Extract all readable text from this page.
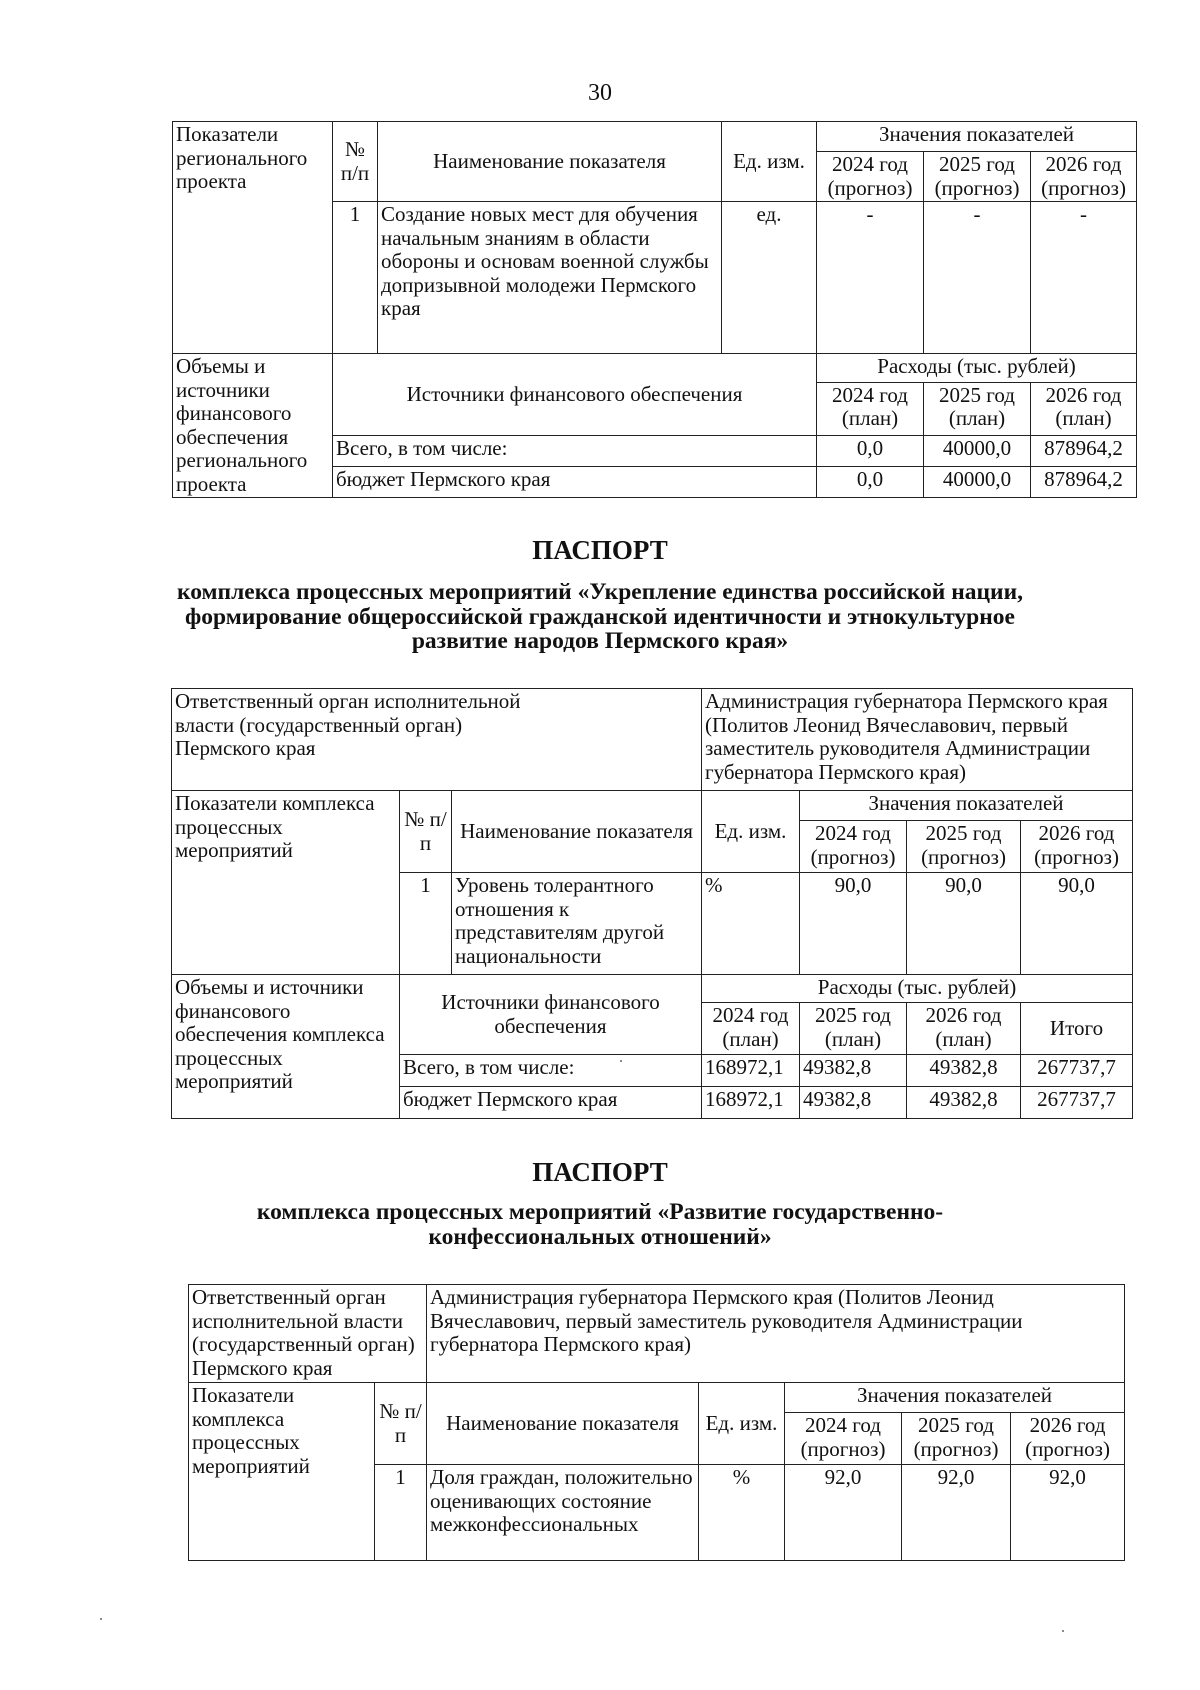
30
Показатели регионального проекта	№ п/п	Наименование показателя	Ед. изм.	Значения показателей			
				2024 год (прогноз)	2025 год (прогноз)	2026 год (прогноз)	
	1	Создание новых мест для обучения начальным знаниям в области обороны и основам военной службы допризывной молодежи Пермского края	ед.	-	-	-	
Объемы и источники финансового обеспечения регионального проекта	Источники финансового обеспечения			Расходы (тыс. рублей)			
				2024 год (план)	2025 год (план)	2026 год (план)	
	Всего, в том числе:			0,0	40000,0	878964,2	
	бюджет Пермского края			0,0	40000,0	878964,2	
ПАСПОРТ
комплекса процессных мероприятий «Укрепление единства российской нации, формирование общероссийской гражданской идентичности и этнокультурное развитие народов Пермского края»
Ответственный орган исполнительной власти (государственный орган) Пермского края			Администрация губернатора Пермского края (Политов Леонид Вячеславович, первый заместитель руководителя Администрации губернатора Пермского края)			
Показатели комплекса процессных мероприятий	№ п/п	Наименование показателя	Ед. изм.	Значения показателей		
				2024 год (прогноз)	2025 год (прогноз)	2026 год (прогноз)
	1	Уровень толерантного отношения к представителям другой национальности	%	90,0	90,0	90,0
Объемы и источники финансового обеспечения комплекса процессных мероприятий	Источники финансового обеспечения		Расходы (тыс. рублей)			
			2024 год (план)	2025 год (план)	2026 год (план)	Итого
	Всего, в том числе:		168972,1	49382,8	49382,8	267737,7
	бюджет Пермского края		168972,1	49382,8	49382,8	267737,7
ПАСПОРТ
комплекса процессных мероприятий «Развитие государственно-конфессиональных отношений»
Ответственный орган исполнительной власти (государственный орган) Пермского края		Администрация губернатора Пермского края (Политов Леонид Вячеславович, первый заместитель руководителя Администрации губернатора Пермского края)				
Показатели комплекса процессных мероприятий	№ п/п	Наименование показателя	Ед. изм.	Значения показателей		
				2024 год (прогноз)	2025 год (прогноз)	2026 год (прогноз)
	1	Доля граждан, положительно оценивающих состояние межконфессиональных	%	92,0	92,0	92,0
